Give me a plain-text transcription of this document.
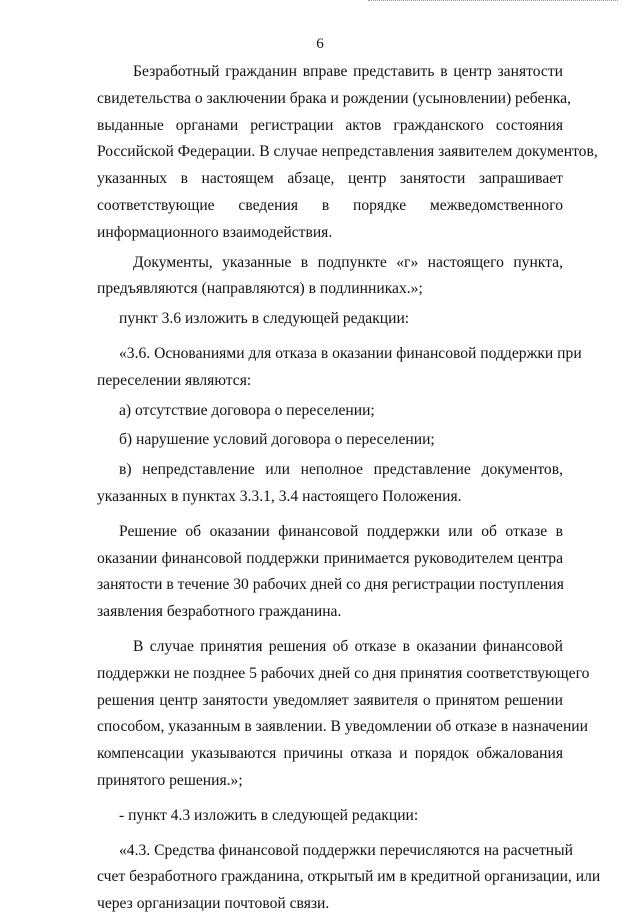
6
Безработный гражданин вправе представить в центр занятости
свидетельства о заключении брака и рождении (усыновлении) ребенка,
выданные органами регистрации актов гражданского состояния
Российской Федерации. В случае непредставления заявителем документов,
указанных в настоящем абзаце, центр занятости запрашивает
соответствующие сведения в порядке межведомственного
информационного взаимодействия.
Документы, указанные в подпункте «г» настоящего пункта,
предъявляются (направляются) в подлинниках.»;
пункт 3.6 изложить в следующей редакции:
«3.6. Основаниями для отказа в оказании финансовой поддержки при
переселении являются:
а) отсутствие договора о переселении;
б) нарушение условий договора о переселении;
в) непредставление или неполное представление документов,
указанных в пунктах 3.3.1, 3.4 настоящего Положения.
Решение об оказании финансовой поддержки или об отказе в
оказании финансовой поддержки принимается руководителем центра
занятости в течение 30 рабочих дней со дня регистрации поступления
заявления безработного гражданина.
В случае принятия решения об отказе в оказании финансовой
поддержки не позднее 5 рабочих дней со дня принятия соответствующего
решения центр занятости уведомляет заявителя о принятом решении
способом, указанным в заявлении. В уведомлении об отказе в назначении
компенсации указываются причины отказа и порядок обжалования
принятого решения.»;
- пункт 4.3 изложить в следующей редакции:
«4.3. Средства финансовой поддержки перечисляются на расчетный
счет безработного гражданина, открытый им в кредитной организации, или
через организации почтовой связи.
